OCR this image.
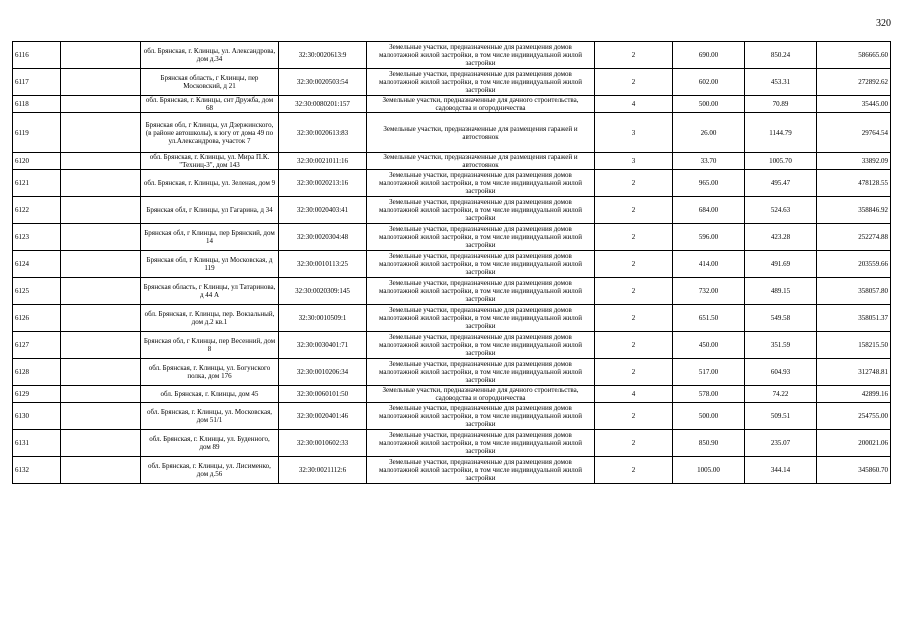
320
6116		обл. Брянская, г. Клинцы, ул. Александрова, дом д.34	32:30:0020613:9	Земельные участки, предназначенные для размещения домов малоэтажной жилой застройки, в том числе индивидуальной жилой застройки	2	690.00	850.24	586665.60
6117		Брянская область, г Клинцы, пер Московский, д 21	32:30:0020503:54	Земельные участки, предназначенные для размещения домов малоэтажной жилой застройки, в том числе индивидуальной жилой застройки	2	602.00	453.31	272892.62
6118		обл. Брянская, г. Клинцы, снт Дружба, дом 68	32:30:0080201:157	Земельные участки, предназначенные для дачного строительства, садоводства и огородничества	4	500.00	70.89	35445.00
6119		Брянская обл, г Клинцы, ул Дзержинского, (в районе автошколы), к югу от дома 49 по ул.Александрова, участок 7	32:30:0020613:83	Земельные участки, предназначенные для размещения гаражей и автостоянок	3	26.00	1144.79	29764.54
6120		обл. Брянская, г. Клинцы, ул. Мира П.К. "Техниц-3", дом 143	32:30:0021011:16	Земельные участки, предназначенные для размещения гаражей и автостоянок	3	33.70	1005.70	33892.09
6121		обл. Брянская, г. Клинцы, ул. Зеленая, дом 9	32:30:0020213:16	Земельные участки, предназначенные для размещения домов малоэтажной жилой застройки, в том числе индивидуальной жилой застройки	2	965.00	495.47	478128.55
6122		Брянская обл, г Клинцы, ул Гагарина, д 34	32:30:0020403:41	Земельные участки, предназначенные для размещения домов малоэтажной жилой застройки, в том числе индивидуальной жилой застройки	2	684.00	524.63	358846.92
6123		Брянская обл, г Клинцы, пер Брянский, дом 14	32:30:0020304:48	Земельные участки, предназначенные для размещения домов малоэтажной жилой застройки, в том числе индивидуальной жилой застройки	2	596.00	423.28	252274.88
6124		Брянская обл, г Клинцы, ул Московская, д 119	32:30:0010113:25	Земельные участки, предназначенные для размещения домов малоэтажной жилой застройки, в том числе индивидуальной жилой застройки	2	414.00	491.69	203559.66
6125		Брянская область, г Клинцы, ул Татаринова, д 44 А	32:30:0020309:145	Земельные участки, предназначенные для размещения домов малоэтажной жилой застройки, в том числе индивидуальной жилой застройки	2	732.00	489.15	358057.80
6126		обл. Брянская, г. Клинцы, пер. Вокзальный, дом д.2 кв.1	32:30:0010509:1	Земельные участки, предназначенные для размещения домов малоэтажной жилой застройки, в том числе индивидуальной жилой застройки	2	651.50	549.58	358051.37
6127		Брянская обл, г Клинцы, пер Весенний, дом 8	32:30:0030401:71	Земельные участки, предназначенные для размещения домов малоэтажной жилой застройки, в том числе индивидуальной жилой застройки	2	450.00	351.59	158215.50
6128		обл. Брянская, г. Клинцы, ул. Богунского полка, дом 176	32:30:0010206:34	Земельные участки, предназначенные для размещения домов малоэтажной жилой застройки, в том числе индивидуальной жилой застройки	2	517.00	604.93	312748.81
6129		обл. Брянская, г. Клинцы, дом 45	32:30:0060101:50	Земельные участки, предназначенные для дачного строительства, садоводства и огородничества	4	578.00	74.22	42899.16
6130		обл. Брянская, г. Клинцы, ул. Московская, дом 51/1	32:30:0020401:46	Земельные участки, предназначенные для размещения домов малоэтажной жилой застройки, в том числе индивидуальной жилой застройки	2	500.00	509.51	254755.00
6131		обл. Брянская, г. Клинцы, ул. Буденного, дом 89	32:30:0010602:33	Земельные участки, предназначенные для размещения домов малоэтажной жилой застройки, в том числе индивидуальной жилой застройки	2	850.90	235.07	200021.06
6132		обл. Брянская, г. Клинцы, ул. Лисименко, дом д.56	32:30:0021112:6	Земельные участки, предназначенные для размещения домов малоэтажной жилой застройки, в том числе индивидуальной жилой застройки	2	1005.00	344.14	345860.70
